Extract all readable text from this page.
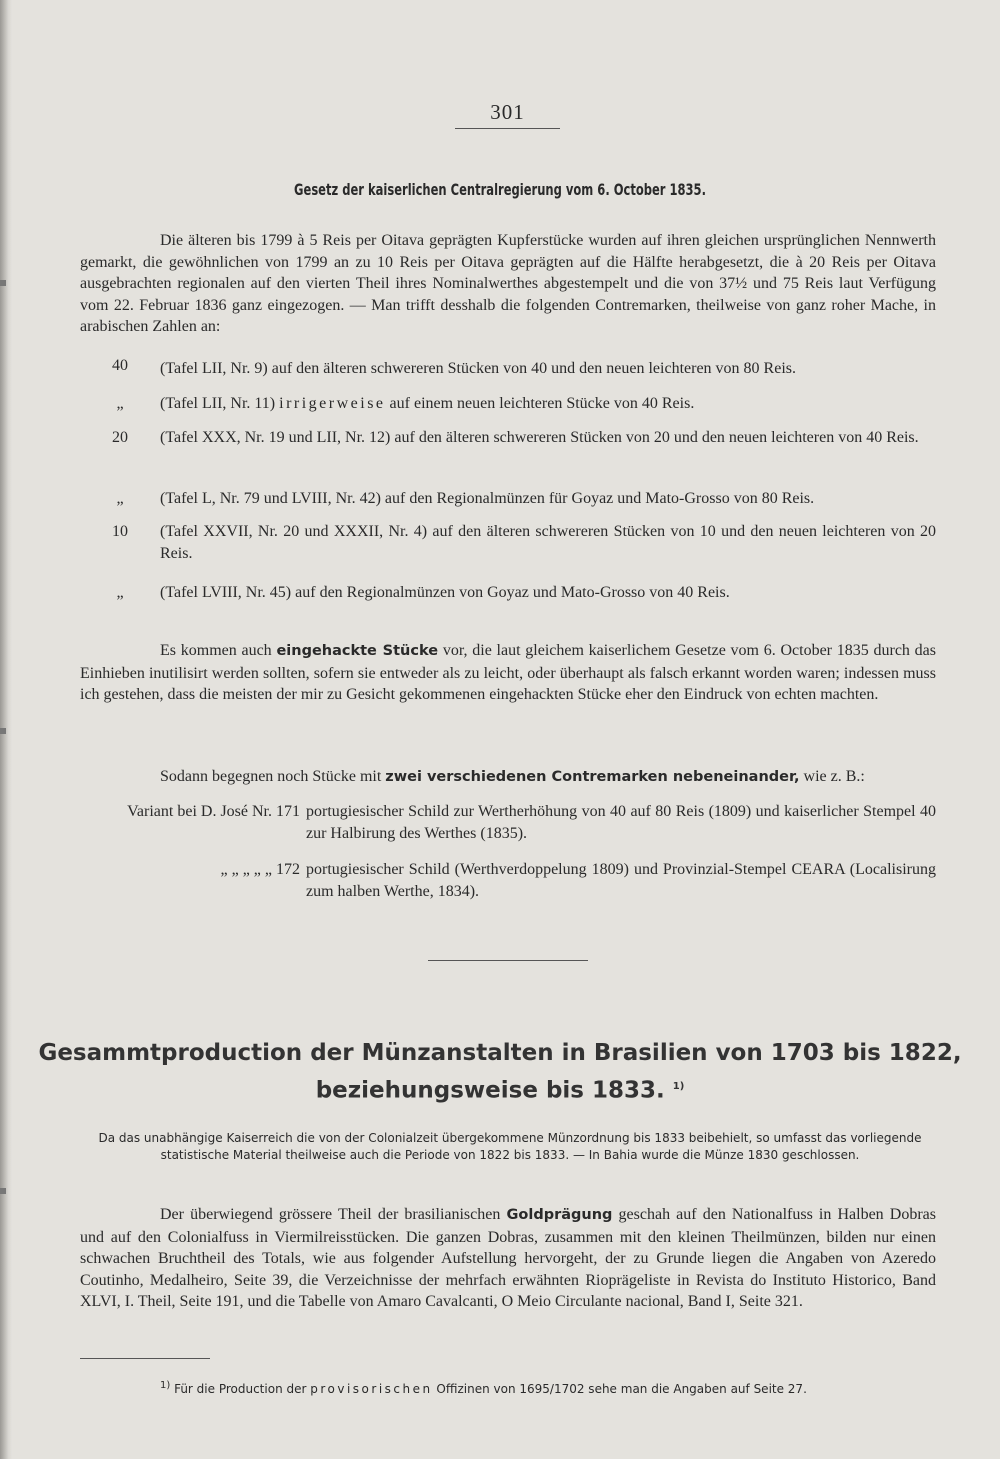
301
Gesetz der kaiserlichen Centralregierung vom 6. October 1835.
Die älteren bis 1799 à 5 Reis per Oitava geprägten Kupferstücke wurden auf ihren gleichen ursprünglichen Nennwerth gemarkt, die gewöhnlichen von 1799 an zu 10 Reis per Oitava geprägten auf die Hälfte herabgesetzt, die à 20 Reis per Oitava ausgebrachten regionalen auf den vierten Theil ihres Nominalwerthes abgestempelt und die von 37½ und 75 Reis laut Verfügung vom 22. Februar 1836 ganz eingezogen. — Man trifft desshalb die folgenden Contremarken, theilweise von ganz roher Mache, in arabischen Zahlen an:
40	(Tafel LII, Nr. 9) auf den älteren schwereren Stücken von 40 und den neuen leichteren von 80 Reis.
„	(Tafel LII, Nr. 11) irrigerweise auf einem neuen leichteren Stücke von 40 Reis.
20	(Tafel XXX, Nr. 19 und LII, Nr. 12) auf den älteren schwereren Stücken von 20 und den neuen leichteren von 40 Reis.
„	(Tafel L, Nr. 79 und LVIII, Nr. 42) auf den Regionalmünzen für Goyaz und Mato-Grosso von 80 Reis.
10	(Tafel XXVII, Nr. 20 und XXXII, Nr. 4) auf den älteren schwereren Stücken von 10 und den neuen leichteren von 20 Reis.
„	(Tafel LVIII, Nr. 45) auf den Regionalmünzen von Goyaz und Mato-Grosso von 40 Reis.
Es kommen auch eingehackte Stücke vor, die laut gleichem kaiserlichem Gesetze vom 6. October 1835 durch das Einhieben inutilisirt werden sollten, sofern sie entweder als zu leicht, oder überhaupt als falsch erkannt worden waren; indessen muss ich gestehen, dass die meisten der mir zu Gesicht gekommenen eingehackten Stücke eher den Eindruck von echten machten.
Sodann begegnen noch Stücke mit zwei verschiedenen Contremarken nebeneinander, wie z. B.:
Variant bei D. José Nr. 171 portugiesischer Schild zur Wertherhöhung von 40 auf 80 Reis (1809) und kaiserlicher Stempel 40 zur Halbirung des Werthes (1835).
„ „ „ „ „ 172 portugiesischer Schild (Werthverdoppelung 1809) und Provinzial-Stempel CEARA (Localisirung zum halben Werthe, 1834).
Gesammtproduction der Münzanstalten in Brasilien von 1703 bis 1822,
beziehungsweise bis 1833. $^{1)}$
Da das unabhängige Kaiserreich die von der Colonialzeit übergekommene Münzordnung bis 1833 beibehielt, so umfasst das vorliegende statistische Material theilweise auch die Periode von 1822 bis 1833. — In Bahia wurde die Münze 1830 geschlossen.
Der überwiegend grössere Theil der brasilianischen Goldprägung geschah auf den Nationalfuss in Halben Dobras und auf den Colonialfuss in Viermilreisstücken. Die ganzen Dobras, zusammen mit den kleinen Theilmünzen, bilden nur einen schwachen Bruchtheil des Totals, wie aus folgender Aufstellung hervorgeht, der zu Grunde liegen die Angaben von Azeredo Coutinho, Medalheiro, Seite 39, die Verzeichnisse der mehrfach erwähnten Rioprägeliste in Revista do Instituto Historico, Band XLVI, I. Theil, Seite 191, und die Tabelle von Amaro Cavalcanti, O Meio Circulante nacional, Band I, Seite 321.
$^{1)}$ Für die Production der provisorischen Offizinen von 1695/1702 sehe man die Angaben auf Seite 27.
